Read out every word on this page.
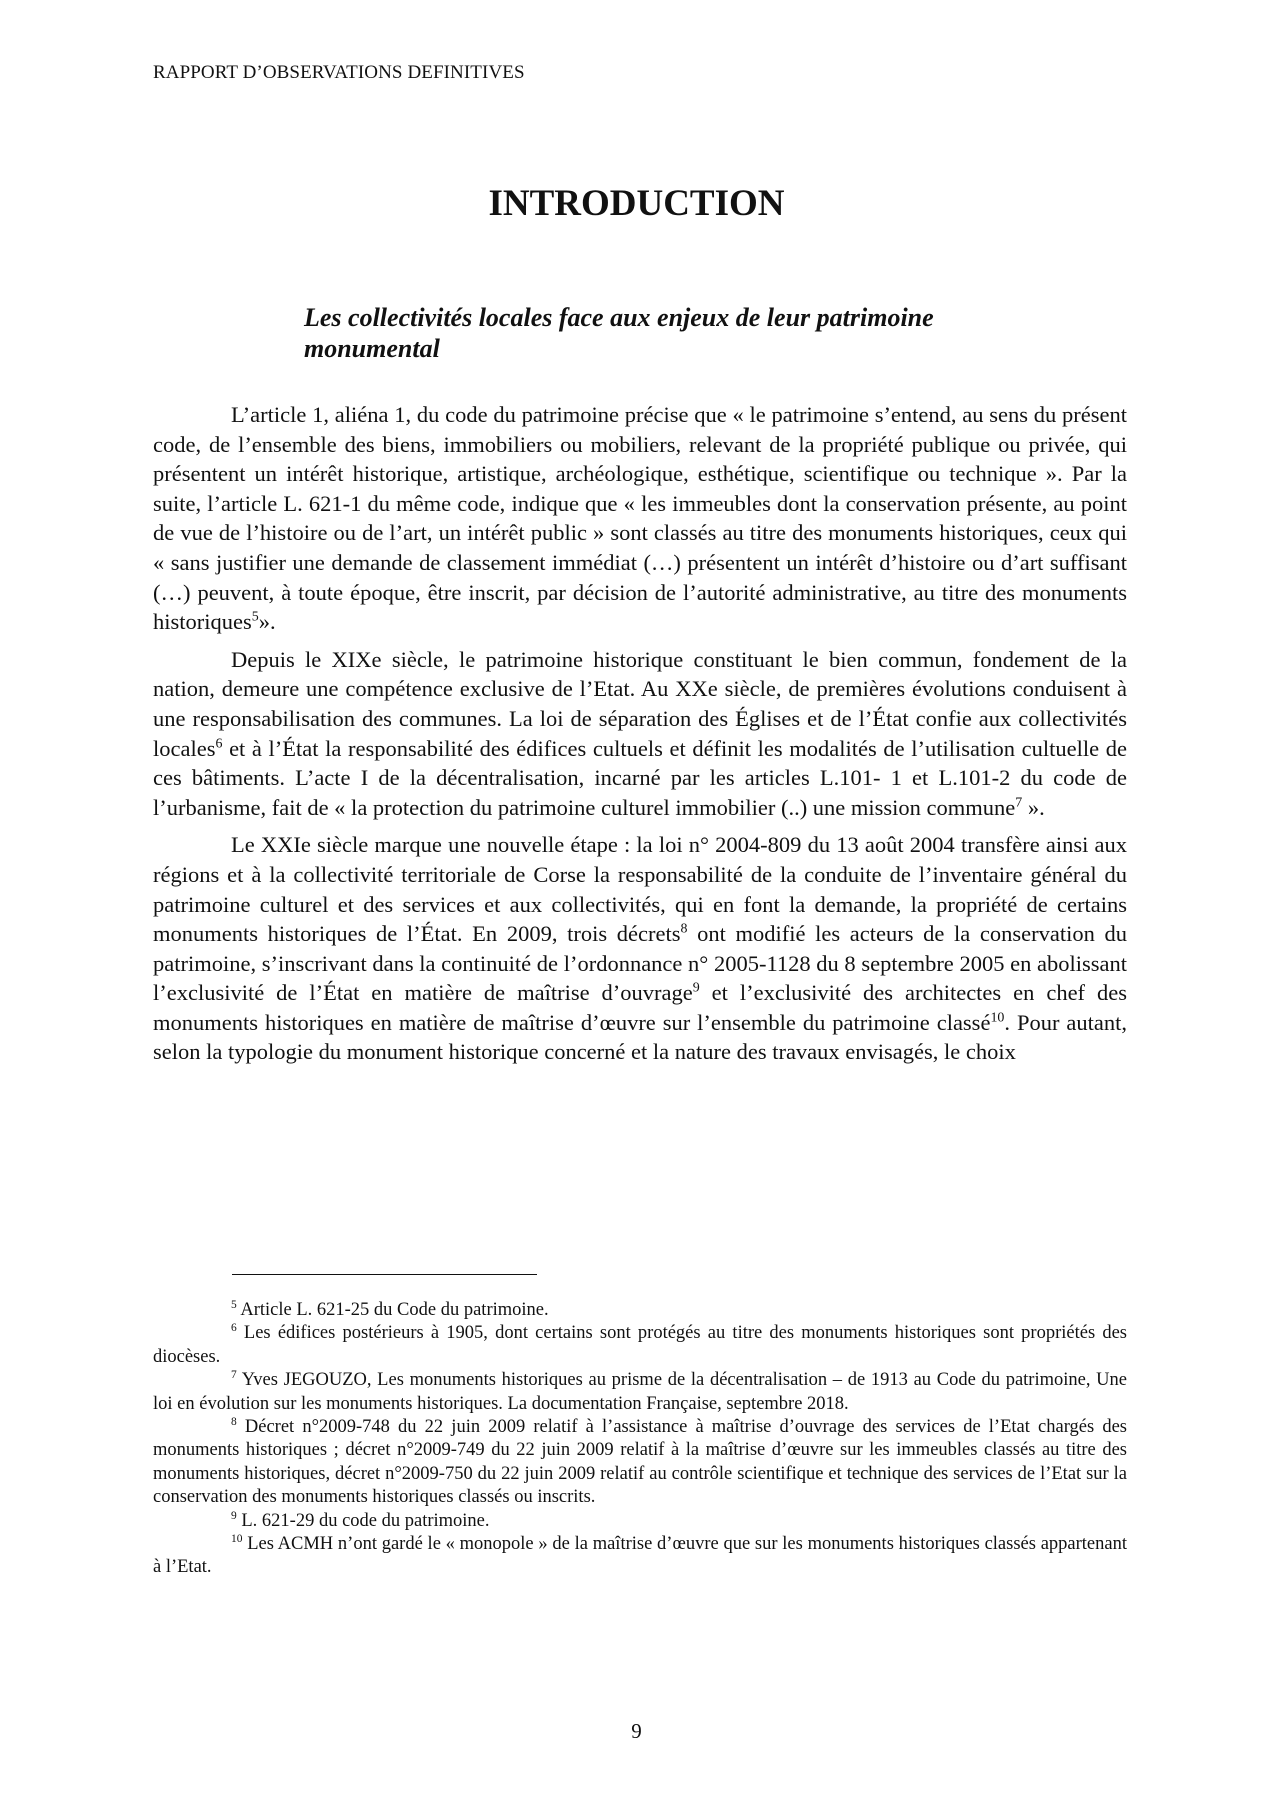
RAPPORT D’OBSERVATIONS DEFINITIVES
INTRODUCTION
Les collectivités locales face aux enjeux de leur patrimoine monumental

L’article 1, aliéna 1, du code du patrimoine précise que « le patrimoine s’entend, au sens du présent code, de l’ensemble des biens, immobiliers ou mobiliers, relevant de la propriété publique ou privée, qui présentent un intérêt historique, artistique, archéologique, esthétique, scientifique ou technique ». Par la suite, l’article L. 621-1 du même code, indique que « les immeubles dont la conservation présente, au point de vue de l’histoire ou de l’art, un intérêt public » sont classés au titre des monuments historiques, ceux qui « sans justifier une demande de classement immédiat (…) présentent un intérêt d’histoire ou d’art suffisant (…) peuvent, à toute époque, être inscrit, par décision de l’autorité administrative, au titre des monuments historiques$^5$».

Depuis le XIXe siècle, le patrimoine historique constituant le bien commun, fondement de la nation, demeure une compétence exclusive de l’Etat. Au XXe siècle, de premières évolutions conduisent à une responsabilisation des communes. La loi de séparation des Églises et de l’État confie aux collectivités locales$^6$ et à l’État la responsabilité des édifices cultuels et définit les modalités de l’utilisation cultuelle de ces bâtiments. L’acte I de la décentralisation, incarné par les articles L.101- 1 et L.101-2 du code de l’urbanisme, fait de « la protection du patrimoine culturel immobilier (..) une mission commune$^7$ ».

Le XXIe siècle marque une nouvelle étape : la loi n° 2004-809 du 13 août 2004 transfère ainsi aux régions et à la collectivité territoriale de Corse la responsabilité de la conduite de l’inventaire général du patrimoine culturel et des services et aux collectivités, qui en font la demande, la propriété de certains monuments historiques de l’État. En 2009, trois décrets$^8$ ont modifié les acteurs de la conservation du patrimoine, s’inscrivant dans la continuité de l’ordonnance n° 2005-1128 du 8 septembre 2005 en abolissant l’exclusivité de l’État en matière de maîtrise d’ouvrage$^9$ et l’exclusivité des architectes en chef des monuments historiques en matière de maîtrise d’œuvre sur l’ensemble du patrimoine classé$^{10}$. Pour autant, selon la typologie du monument historique concerné et la nature des travaux envisagés, le choix

$^5$ Article L. 621-25 du Code du patrimoine.

$^6$ Les édifices postérieurs à 1905, dont certains sont protégés au titre des monuments historiques sont propriétés des diocèses.

$^7$ Yves JEGOUZO, Les monuments historiques au prisme de la décentralisation – de 1913 au Code du patrimoine, Une loi en évolution sur les monuments historiques. La documentation Française, septembre 2018.

$^8$ Décret n°2009-748 du 22 juin 2009 relatif à l’assistance à maîtrise d’ouvrage des services de l’Etat chargés des monuments historiques ; décret n°2009-749 du 22 juin 2009 relatif à la maîtrise d’œuvre sur les immeubles classés au titre des monuments historiques, décret n°2009-750 du 22 juin 2009 relatif au contrôle scientifique et technique des services de l’Etat sur la conservation des monuments historiques classés ou inscrits.

$^9$ L. 621-29 du code du patrimoine.

$^{10}$ Les ACMH n’ont gardé le « monopole » de la maîtrise d’œuvre que sur les monuments historiques classés appartenant à l’Etat.

9
